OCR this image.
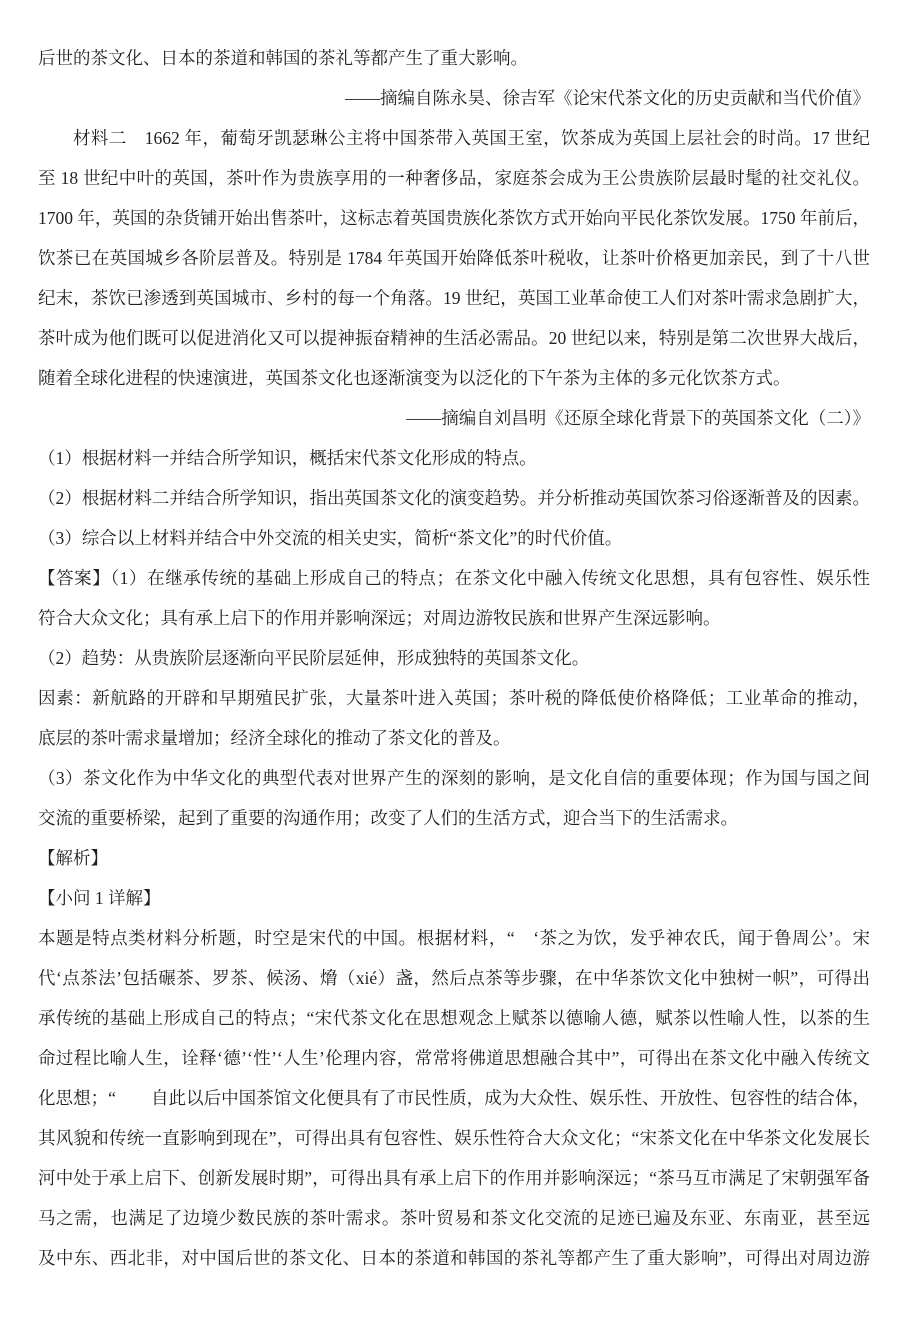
后世的茶文化、日本的茶道和韩国的茶礼等都产生了重大影响。
——摘编自陈永昊、徐吉军《论宋代茶文化的历史贡献和当代价值》
材料二　1662 年，葡萄牙凯瑟琳公主将中国茶带入英国王室，饮茶成为英国上层社会的时尚。17 世纪
至 18 世纪中叶的英国，茶叶作为贵族享用的一种奢侈品，家庭茶会成为王公贵族阶层最时髦的社交礼仪。
1700 年，英国的杂货铺开始出售茶叶，这标志着英国贵族化茶饮方式开始向平民化茶饮发展。1750 年前后，
饮茶已在英国城乡各阶层普及。特别是 1784 年英国开始降低茶叶税收，让茶叶价格更加亲民，到了十八世
纪末，茶饮已渗透到英国城市、乡村的每一个角落。19 世纪，英国工业革命使工人们对茶叶需求急剧扩大，
茶叶成为他们既可以促进消化又可以提神振奋精神的生活必需品。20 世纪以来，特别是第二次世界大战后，
随着全球化进程的快速演进，英国茶文化也逐渐演变为以泛化的下午茶为主体的多元化饮茶方式。
——摘编自刘昌明《还原全球化背景下的英国茶文化（二）》
（1）根据材料一并结合所学知识，概括宋代茶文化形成的特点。
（2）根据材料二并结合所学知识，指出英国茶文化的演变趋势。并分析推动英国饮茶习俗逐渐普及的因素。
（3）综合以上材料并结合中外交流的相关史实，简析“茶文化”的时代价值。
【答案】（1）在继承传统的基础上形成自己的特点；在茶文化中融入传统文化思想，具有包容性、娱乐性
符合大众文化；具有承上启下的作用并影响深远；对周边游牧民族和世界产生深远影响。
（2）趋势：从贵族阶层逐渐向平民阶层延伸，形成独特的英国茶文化。
因素：新航路的开辟和早期殖民扩张，大量茶叶进入英国；茶叶税的降低使价格降低；工业革命的推动，
底层的茶叶需求量增加；经济全球化的推动了茶文化的普及。
（3）茶文化作为中华文化的典型代表对世界产生的深刻的影响，是文化自信的重要体现；作为国与国之间
交流的重要桥梁，起到了重要的沟通作用；改变了人们的生活方式，迎合当下的生活需求。
【解析】
【小问 1 详解】
本题是特点类材料分析题，时空是宋代的中国。根据材料，“　‘茶之为饮，发乎神农氏，闻于鲁周公’。宋
代‘点茶法’包括碾茶、罗茶、候汤、熁（xié）盏，然后点茶等步骤，在中华茶饮文化中独树一帜”，可得出
承传统的基础上形成自己的特点；“宋代茶文化在思想观念上赋茶以德喻人德，赋茶以性喻人性，以茶的生
命过程比喻人生，诠释‘德’‘性’‘人生’伦理内容，常常将佛道思想融合其中”，可得出在茶文化中融入传统文
化思想；“　　自此以后中国茶馆文化便具有了市民性质，成为大众性、娱乐性、开放性、包容性的结合体，
其风貌和传统一直影响到现在”，可得出具有包容性、娱乐性符合大众文化；“宋茶文化在中华茶文化发展长
河中处于承上启下、创新发展时期”，可得出具有承上启下的作用并影响深远；“茶马互市满足了宋朝强军备
马之需，也满足了边境少数民族的茶叶需求。茶叶贸易和茶文化交流的足迹已遍及东亚、东南亚，甚至远
及中东、西北非，对中国后世的茶文化、日本的茶道和韩国的茶礼等都产生了重大影响”，可得出对周边游
